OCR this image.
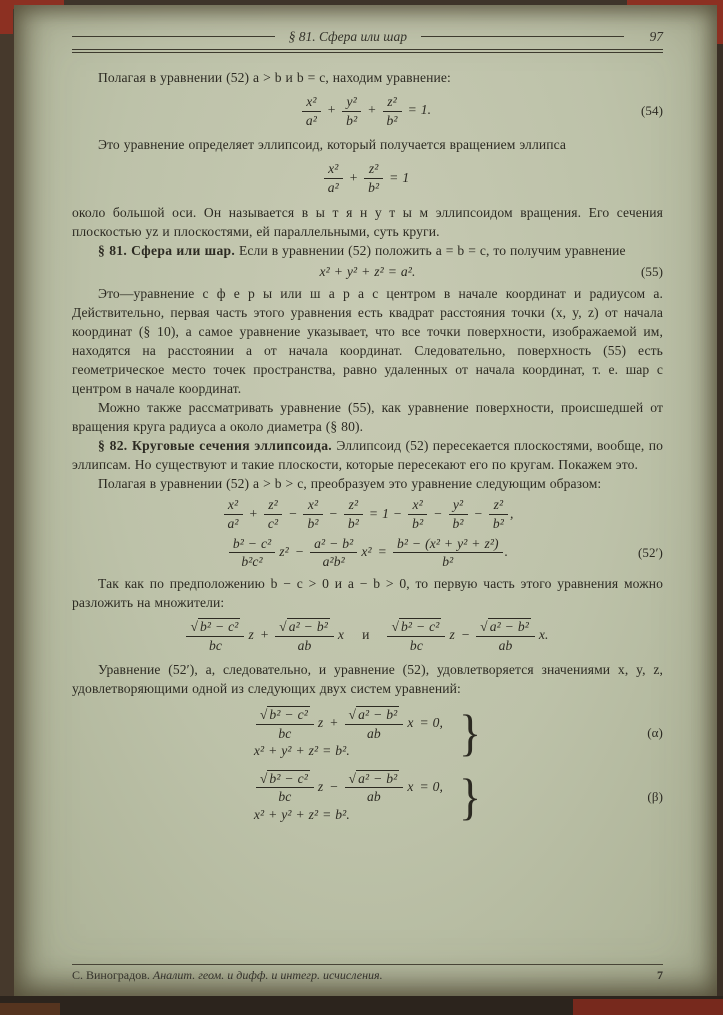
§ 81. Сфера или шар	97

Полагая в уравнении (52) a > b и b = c, находим уравнение:

$\frac{\text{x²}}{\text{a²}} + \frac{\text{y²}}{\text{b²}} + \frac{\text{z²}}{\text{b²}} = 1$.	(54)

Это уравнение определяет эллипсоид, который получается вращением эллипса

$\frac{\text{x²}}{\text{a²}} + \frac{\text{z²}}{\text{b²}} = 1$

около большой оси. Он называется в ы т я н у т ы м эллипсоидом вращения. Его сечения плоскостью yz и плоскостями, ей параллельными, суть круги.

§ 81. Сфера или шар. Если в уравнении (52) положить a = b = c, то получим уравнение

x² + y² + z² = a².	(55)

Это—уравнение с ф е р ы или ш а р а с центром в начале координат и радиусом a. Действительно, первая часть этого уравнения есть квадрат расстояния точки (x, y, z) от начала координат (§ 10), а самое уравнение указывает, что все точки поверхности, изображаемой им, находятся на расстоянии a от начала координат. Следовательно, поверхность (55) есть геометрическое место точек пространства, равно удаленных от начала координат, т. е. шар с центром в начале координат.

Можно также рассматривать уравнение (55), как уравнение поверхности, происшедшей от вращения круга радиуса a около диаметра (§ 80).

§ 82. Круговые сечения эллипсоида. Эллипсоид (52) пересекается плоскостями, вообще, по эллипсам. Но существуют и такие плоскости, которые пересекают его по кругам. Покажем это.

Полагая в уравнении (52) a > b > c, преобразуем это уравнение следующим образом:

$\frac{\text{x²}}{\text{a²}} + \frac{\text{z²}}{\text{c²}} - \frac{\text{x²}}{\text{b²}} - \frac{\text{z²}}{\text{b²}} = 1 - \frac{\text{x²}}{\text{b²}} - \frac{\text{y²}}{\text{b²}} - \frac{\text{z²}}{\text{b²}}$ ,
$\frac{\text{b² − c²}}{\text{b²c²}} z^2 - \frac{\text{a² − b²}}{\text{a²b²}} x^2 = \frac{\text{b² − (x² + y² + z²)}}{\text{b²}}$ .	(52′)

Так как по предположению b − c > 0 и a − b > 0, то первую часть этого уравнения можно разложить на множители:

$\frac{\text{√ b² − c²}}{bc}$ $z + \frac{\text{√ a² − b²}}{ab}$ x и $\frac{\text{√ b² − c²}}{bc}$ $z - \frac{\text{√ a² − b²}}{ab} x$.

Уравнение (52′), а, следовательно, и уравнение (52), удовлетворяется значениями x, y, z, удовлетворяющими одной из следующих двух систем уравнений:

$\frac{\text{√ b² − c²}}{bc}$ $z + \frac{\text{√ a² − b²}}{ab}$ x = 0,
x² + y² + z² = b².	}	(α)
$\frac{\text{√ b² − c²}}{bc}$ $z - \frac{\text{√ a² − b²}}{ab}$ x = 0,
x² + y² + z² = b².	}	(β)
С. Виноградов. Аналит. геом. и дифф. и интегр. исчисления.	7
